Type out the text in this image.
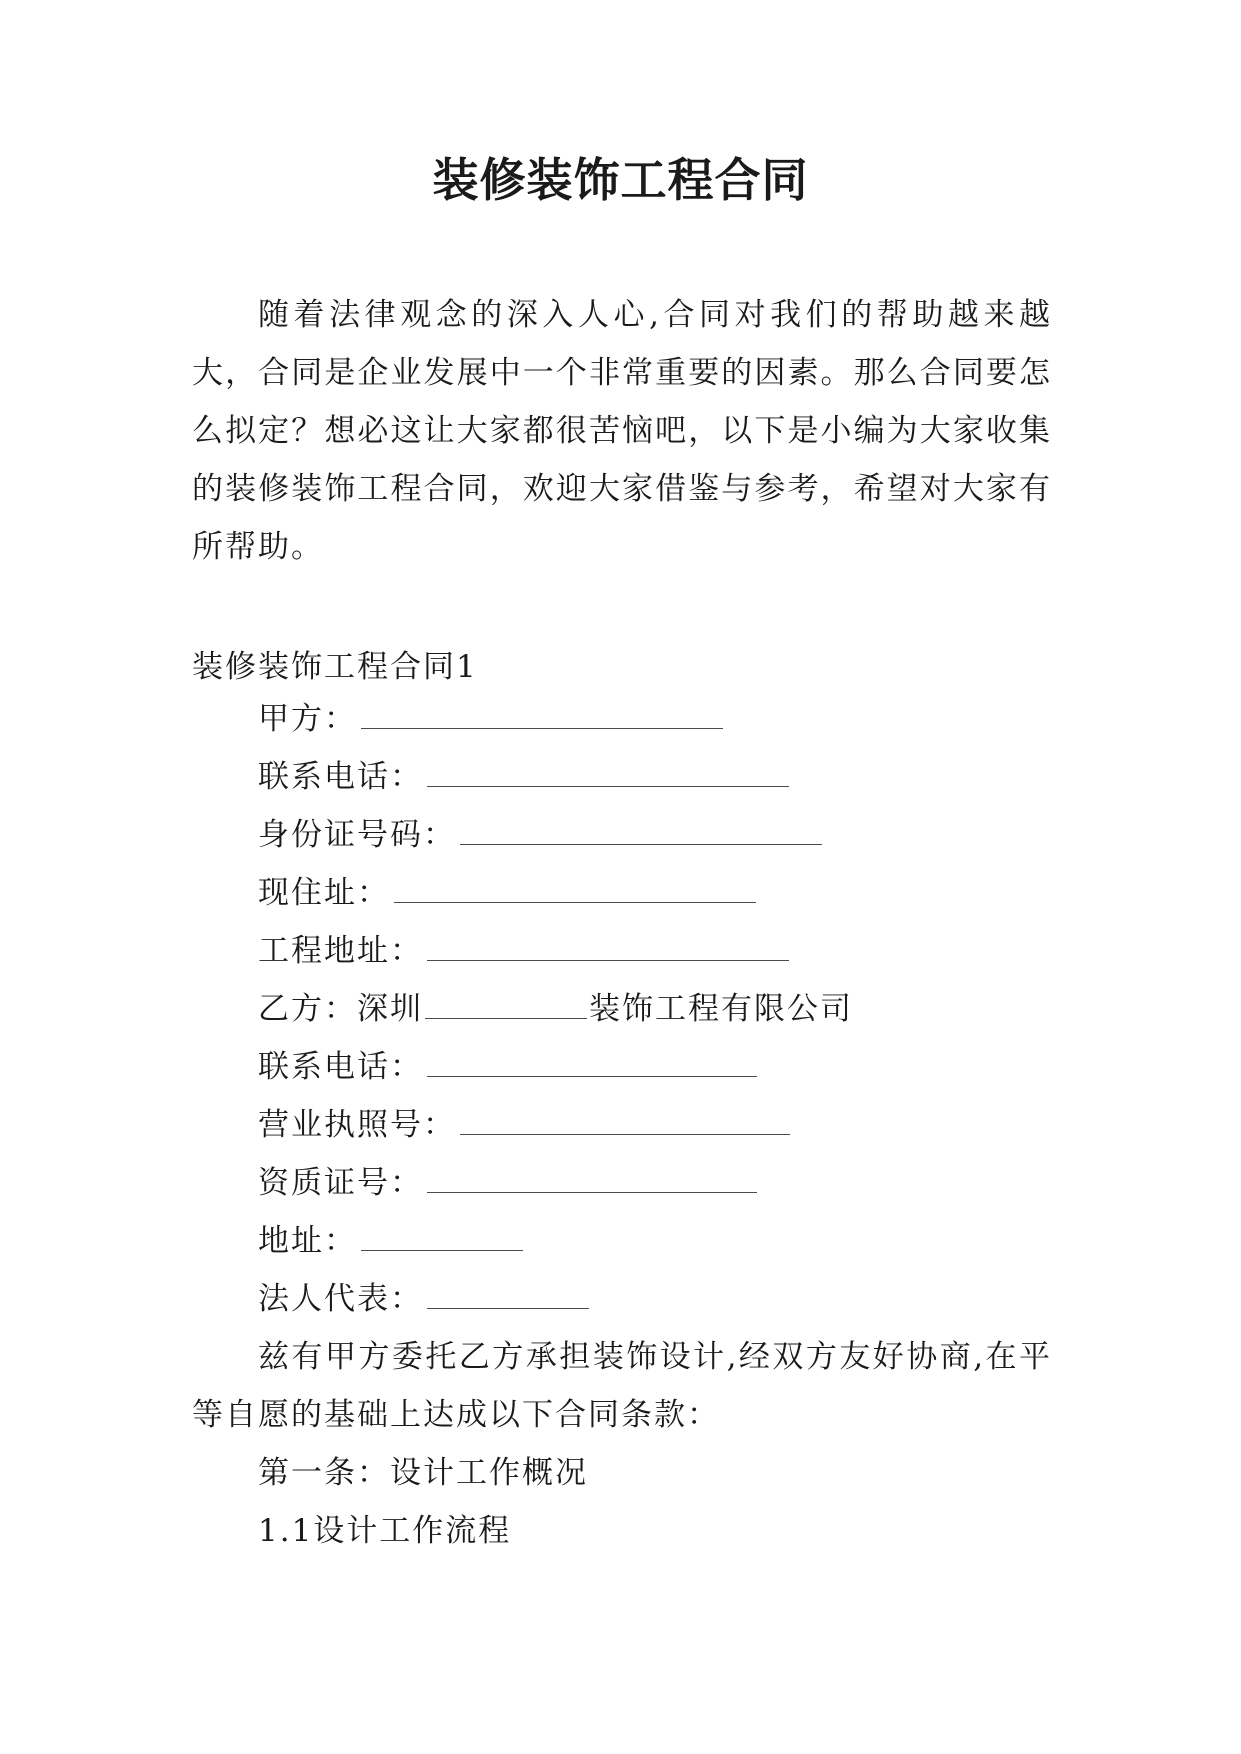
装修装饰工程合同

随着法律观念的深入人心,合同对我们的帮助越来越大，合同是企业发展中一个非常重要的因素。那么合同要怎么拟定？想必这让大家都很苦恼吧，以下是小编为大家收集的装修装饰工程合同，欢迎大家借鉴与参考，希望对大家有所帮助。

装修装饰工程合同1

甲方：
联系电话：
身份证号码：
现住址：
工程地址：
乙方：深圳	装饰工程有限公司
联系电话：
营业执照号：
资质证号：
地址：
法人代表：

兹有甲方委托乙方承担装饰设计,经双方友好协商,在平等自愿的基础上达成以下合同条款：

第一条：设计工作概况
1.1设计工作流程
